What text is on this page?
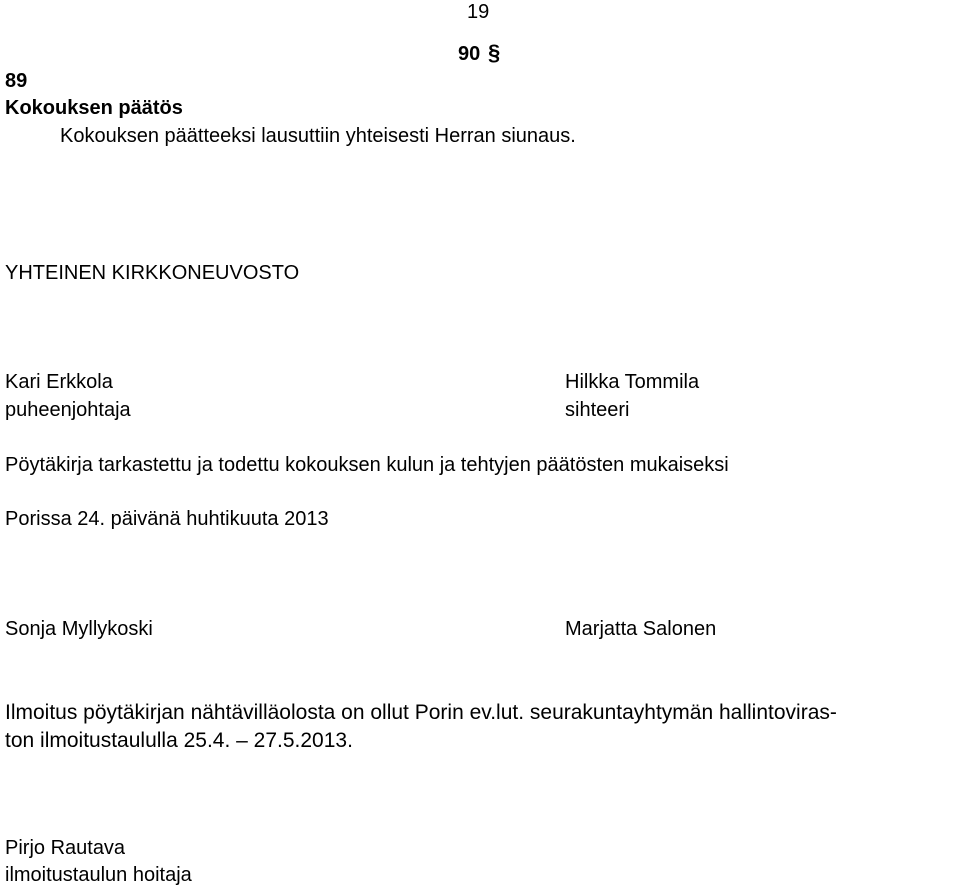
19
90 §
89
Kokouksen päätös
Kokouksen päätteeksi lausuttiin yhteisesti Herran siunaus.
YHTEINEN KIRKKONEUVOSTO
Kari Erkkola
puheenjohtaja
Hilkka Tommila
sihteeri
Pöytäkirja tarkastettu ja todettu kokouksen kulun ja tehtyjen päätösten mukaiseksi
Porissa 24. päivänä huhtikuuta 2013
Sonja Myllykoski	Marjatta Salonen
Ilmoitus pöytäkirjan nähtävilläolosta on ollut Porin ev.lut. seurakuntayhtymän hallintoviras-
ton ilmoitustaululla 25.4. – 27.5.2013.
Pirjo Rautava
ilmoitustaulun hoitaja
